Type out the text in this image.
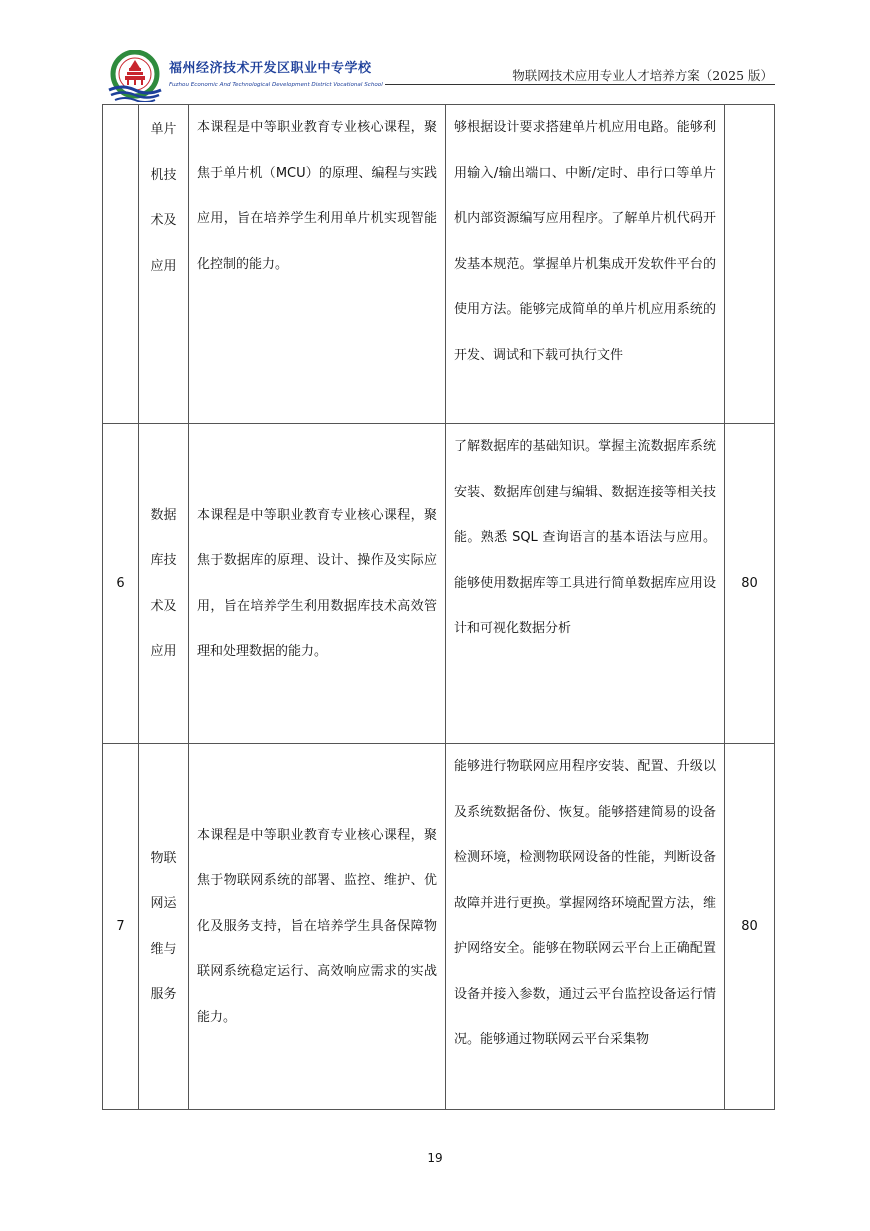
福州经济技术开发区职业中专学校
Fuzhou Economic And Technological Development District Vocational School
物联网技术应用专业人才培养方案（2025 版）

	单片
机技
术及
应用	本课程是中等职业教育专业核心课程，聚焦于单片机（MCU）的原理、编程与实践应用，旨在培养学生利用单片机实现智能化控制的能力。	够根据设计要求搭建单片机应用电路。能够利用输入/输出端口、中断/定时、串行口等单片机内部资源编写应用程序。了解单片机代码开发基本规范。掌握单片机集成开发软件平台的使用方法。能够完成简单的单片机应用系统的开发、调试和下载可执行文件	
6	数据
库技
术及
应用	本课程是中等职业教育专业核心课程，聚焦于数据库的原理、设计、操作及实际应用，旨在培养学生利用数据库技术高效管理和处理数据的能力。	了解数据库的基础知识。掌握主流数据库系统安装、数据库创建与编辑、数据连接等相关技能。熟悉 SQL 查询语言的基本语法与应用。能够使用数据库等工具进行简单数据库应用设计和可视化数据分析	80
7	物联
网运
维与
服务	本课程是中等职业教育专业核心课程，聚焦于物联网系统的部署、监控、维护、优化及服务支持，旨在培养学生具备保障物联网系统稳定运行、高效响应需求的实战能力。	能够进行物联网应用程序安装、配置、升级以及系统数据备份、恢复。能够搭建简易的设备检测环境，检测物联网设备的性能，判断设备故障并进行更换。掌握网络环境配置方法，维护网络安全。能够在物联网云平台上正确配置设备并接入参数，通过云平台监控设备运行情况。能够通过物联网云平台采集物	80
19
